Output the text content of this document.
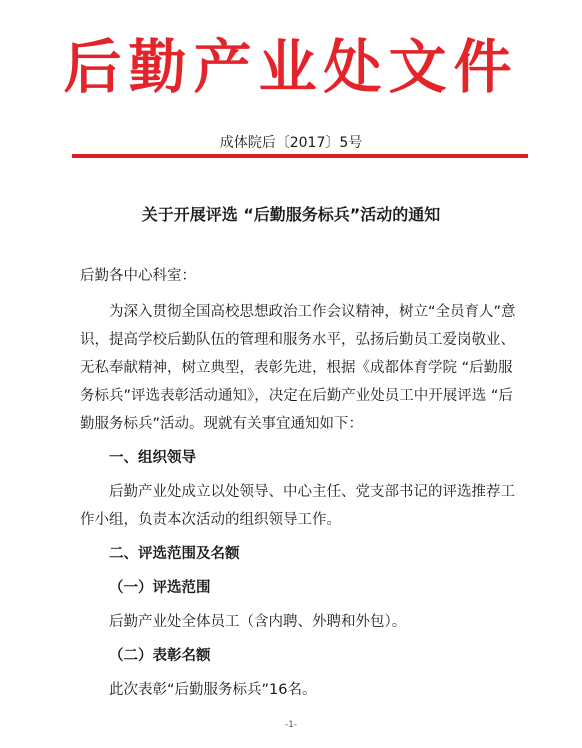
后勤产业处文件
成体院后〔2017〕5号
关于开展评选 “后勤服务标兵”活动的通知

后勤各中心科室：

为深入贯彻全国高校思想政治工作会议精神，树立“全员育人”意识，提高学校后勤队伍的管理和服务水平，弘扬后勤员工爱岗敬业、无私奉献精神，树立典型，表彰先进，根据《成都体育学院 “后勤服务标兵”评选表彰活动通知》，决定在后勤产业处员工中开展评选 “后勤服务标兵”活动。现就有关事宜通知如下：

一、组织领导

后勤产业处成立以处领导、中心主任、党支部书记的评选推荐工作小组，负责本次活动的组织领导工作。

二、评选范围及名额

（一）评选范围

后勤产业处全体员工（含内聘、外聘和外包）。

（二）表彰名额

此次表彰“后勤服务标兵”16名。

-1-
